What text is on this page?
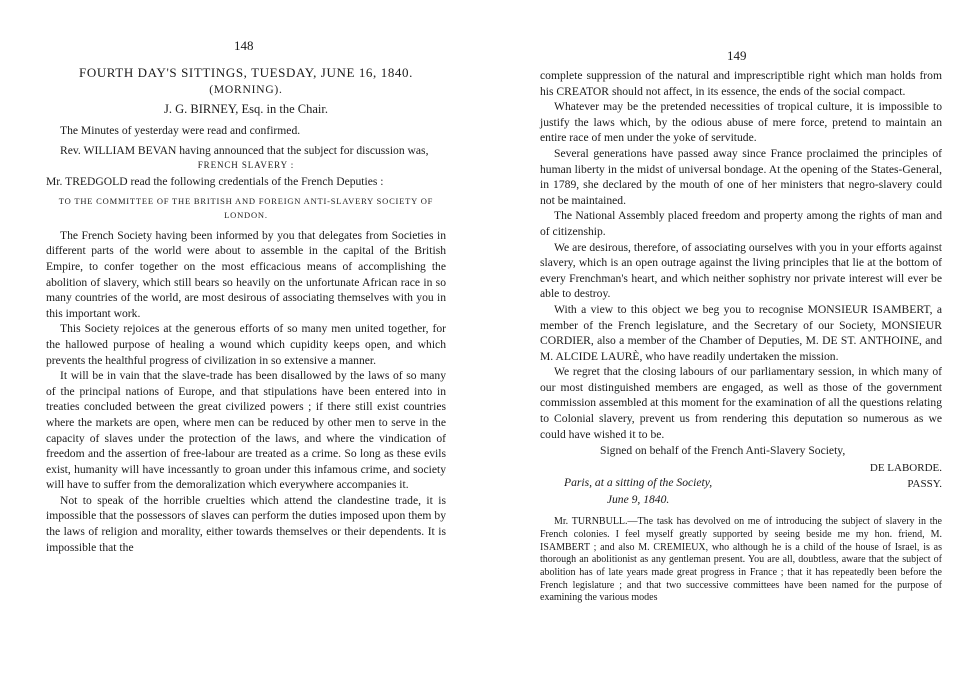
148

FOURTH DAY'S SITTINGS, TUESDAY, JUNE 16, 1840.

(MORNING).

J. G. BIRNEY, Esq. in the Chair.

The Minutes of yesterday were read and confirmed.

Rev. WILLIAM BEVAN having announced that the subject for discussion was,

FRENCH SLAVERY :

Mr. TREDGOLD read the following credentials of the French Deputies :

TO THE COMMITTEE OF THE BRITISH AND FOREIGN ANTI-SLAVERY SOCIETY OF LONDON.

The French Society having been informed by you that delegates from Societies in different parts of the world were about to assemble in the capital of the British Empire, to confer together on the most efficacious means of accomplishing the abolition of slavery, which still bears so heavily on the unfortunate African race in so many countries of the world, are most desirous of associating themselves with you in this important work.

This Society rejoices at the generous efforts of so many men united together, for the hallowed purpose of healing a wound which cupidity keeps open, and which prevents the healthful progress of civilization in so extensive a manner.

It will be in vain that the slave-trade has been disallowed by the laws of so many of the principal nations of Europe, and that stipulations have been entered into in treaties concluded between the great civilized powers ; if there still exist countries where the markets are open, where men can be reduced by other men to serve in the capacity of slaves under the protection of the laws, and where the vindication of freedom and the assertion of free-labour are treated as a crime. So long as these evils exist, humanity will have incessantly to groan under this infamous crime, and society will have to suffer from the demoralization which everywhere accompanies it.

Not to speak of the horrible cruelties which attend the clandestine trade, it is impossible that the possessors of slaves can perform the duties imposed upon them by the laws of religion and morality, either towards themselves or their dependents. It is impossible that the

149

complete suppression of the natural and imprescriptible right which man holds from his CREATOR should not affect, in its essence, the ends of the social compact.

Whatever may be the pretended necessities of tropical culture, it is impossible to justify the laws which, by the odious abuse of mere force, pretend to maintain an entire race of men under the yoke of servitude.

Several generations have passed away since France proclaimed the principles of human liberty in the midst of universal bondage. At the opening of the States-General, in 1789, she declared by the mouth of one of her ministers that negro-slavery could not be maintained.

The National Assembly placed freedom and property among the rights of man and of citizenship.

We are desirous, therefore, of associating ourselves with you in your efforts against slavery, which is an open outrage against the living principles that lie at the bottom of every Frenchman's heart, and which neither sophistry nor private interest will ever be able to destroy.

With a view to this object we beg you to recognise MONSIEUR ISAMBERT, a member of the French legislature, and the Secretary of our Society, MONSIEUR CORDIER, also a member of the Chamber of Deputies, M. DE ST. ANTHOINE, and M. ALCIDE LAURÈ, who have readily undertaken the mission.

We regret that the closing labours of our parliamentary session, in which many of our most distinguished members are engaged, as well as those of the government commission assembled at this moment for the examination of all the questions relating to Colonial slavery, prevent us from rendering this deputation so numerous as we could have wished it to be.

Signed on behalf of the French Anti-Slavery Society,
DE LABORDE.
PASSY.
Paris, at a sitting of the Society,
June 9, 1840.

Mr. TURNBULL.—The task has devolved on me of introducing the subject of slavery in the French colonies. I feel myself greatly supported by seeing beside me my hon. friend, M. ISAMBERT ; and also M. CREMIEUX, who although he is a child of the house of Israel, is as thorough an abolitionist as any gentleman present. You are all, doubtless, aware that the subject of abolition has of late years made great progress in France ; that it has repeatedly been before the French legislature ; and that two successive committees have been named for the purpose of examining the various modes
